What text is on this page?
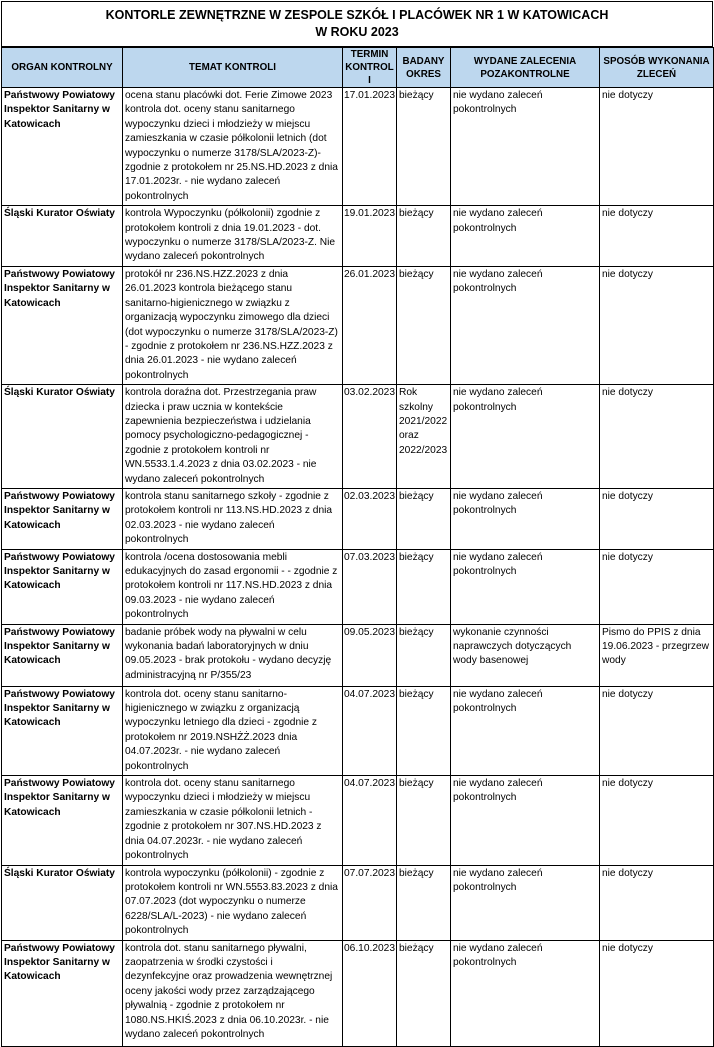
KONTORLE ZEWNĘTRZNE W ZESPOLE SZKÓŁ I PLACÓWEK NR 1 W KATOWICACH
W ROKU 2023
ORGAN KONTROLNY	TEMAT KONTROLI	TERMIN KONTROLI	BADANY OKRES	WYDANE ZALECENIA POZAKONTROLNE	SPOSÓB WYKONANIA ZLECEŃ
Państwowy Powiatowy Inspektor Sanitarny w Katowicach	ocena stanu placówki dot. Ferie Zimowe 2023 kontrola dot. oceny stanu sanitarnego wypoczynku dzieci i młodzieży w miejscu zamieszkania w czasie półkolonii letnich (dot wypoczynku o numerze 3178/SLA/2023-Z)- zgodnie z protokołem nr 25.NS.HD.2023 z dnia 17.01.2023r. - nie wydano zaleceń pokontrolnych	17.01.2023	bieżący	nie wydano zaleceń pokontrolnych	nie dotyczy
Śląski Kurator Oświaty	kontrola Wypoczynku (półkolonii) zgodnie z protokołem kontroli z dnia 19.01.2023 - dot. wypoczynku o numerze 3178/SLA/2023-Z. Nie wydano zaleceń pokontrolnych	19.01.2023	bieżący	nie wydano zaleceń pokontrolnych	nie dotyczy
Państwowy Powiatowy Inspektor Sanitarny w Katowicach	protokół nr 236.NS.HZZ.2023 z dnia 26.01.2023 kontrola bieżącego stanu sanitarno-higienicznego w związku z organizacją wypoczynku zimowego dla dzieci (dot wypoczynku o numerze 3178/SLA/2023-Z) - zgodnie z protokołem nr 236.NS.HZZ.2023 z dnia 26.01.2023 - nie wydano zaleceń pokontrolnych	26.01.2023	bieżący	nie wydano zaleceń pokontrolnych	nie dotyczy
Śląski Kurator Oświaty	kontrola doraźna dot. Przestrzegania praw dziecka i praw ucznia w kontekście zapewnienia bezpieczeństwa i udzielania pomocy psychologiczno-pedagogicznej - zgodnie z protokołem kontroli nr WN.5533.1.4.2023 z dnia 03.02.2023 - nie wydano zaleceń pokontrolnych	03.02.2023	Rok szkolny 2021/2022 oraz 2022/2023	nie wydano zaleceń pokontrolnych	nie dotyczy
Państwowy Powiatowy Inspektor Sanitarny w Katowicach	kontrola stanu sanitarnego szkoły - zgodnie z protokołem kontroli nr 113.NS.HD.2023 z dnia 02.03.2023 - nie wydano zaleceń pokontrolnych	02.03.2023	bieżący	nie wydano zaleceń pokontrolnych	nie dotyczy
Państwowy Powiatowy Inspektor Sanitarny w Katowicach	kontrola /ocena dostosowania mebli edukacyjnych do zasad ergonomii - - zgodnie z protokołem kontroli nr 117.NS.HD.2023 z dnia 09.03.2023 - nie wydano zaleceń pokontrolnych	07.03.2023	bieżący	nie wydano zaleceń pokontrolnych	nie dotyczy
Państwowy Powiatowy Inspektor Sanitarny w Katowicach	badanie próbek wody na pływalni w celu wykonania badań laboratoryjnych w dniu 09.05.2023 - brak protokołu - wydano decyzję administracyjną nr P/355/23	09.05.2023	bieżący	wykonanie czynności naprawczych dotyczących wody basenowej	Pismo do PPIS z dnia 19.06.2023 - przegrzew wody
Państwowy Powiatowy Inspektor Sanitarny w Katowicach	kontrola dot. oceny stanu sanitarno-higienicznego w związku z organizacją wypoczynku letniego dla dzieci - zgodnie z protokołem nr 2019.NSHŻŻ.2023 dnia 04.07.2023r. - nie wydano zaleceń pokontrolnych	04.07.2023	bieżący	nie wydano zaleceń pokontrolnych	nie dotyczy
Państwowy Powiatowy Inspektor Sanitarny w Katowicach	kontrola dot. oceny stanu sanitarnego wypoczynku dzieci i młodzieży w miejscu zamieszkania w czasie półkolonii letnich - zgodnie z protokołem nr 307.NS.HD.2023 z dnia 04.07.2023r. - nie wydano zaleceń pokontrolnych	04.07.2023	bieżący	nie wydano zaleceń pokontrolnych	nie dotyczy
Śląski Kurator Oświaty	kontrola wypoczynku (półkolonii) - zgodnie z protokołem kontroli nr WN.5553.83.2023 z dnia 07.07.2023 (dot wypoczynku o numerze 6228/SLA/L-2023) - nie wydano zaleceń pokontrolnych	07.07.2023	bieżący	nie wydano zaleceń pokontrolnych	nie dotyczy
Państwowy Powiatowy Inspektor Sanitarny w Katowicach	kontrola dot. stanu sanitarnego pływalni, zaopatrzenia w środki czystości i dezynfekcyjne oraz prowadzenia wewnętrznej oceny jakości wody przez zarządzającego pływalnią - zgodnie z protokołem nr 1080.NS.HKIŚ.2023 z dnia 06.10.2023r. - nie wydano zaleceń pokontrolnych	06.10.2023	bieżący	nie wydano zaleceń pokontrolnych	nie dotyczy
